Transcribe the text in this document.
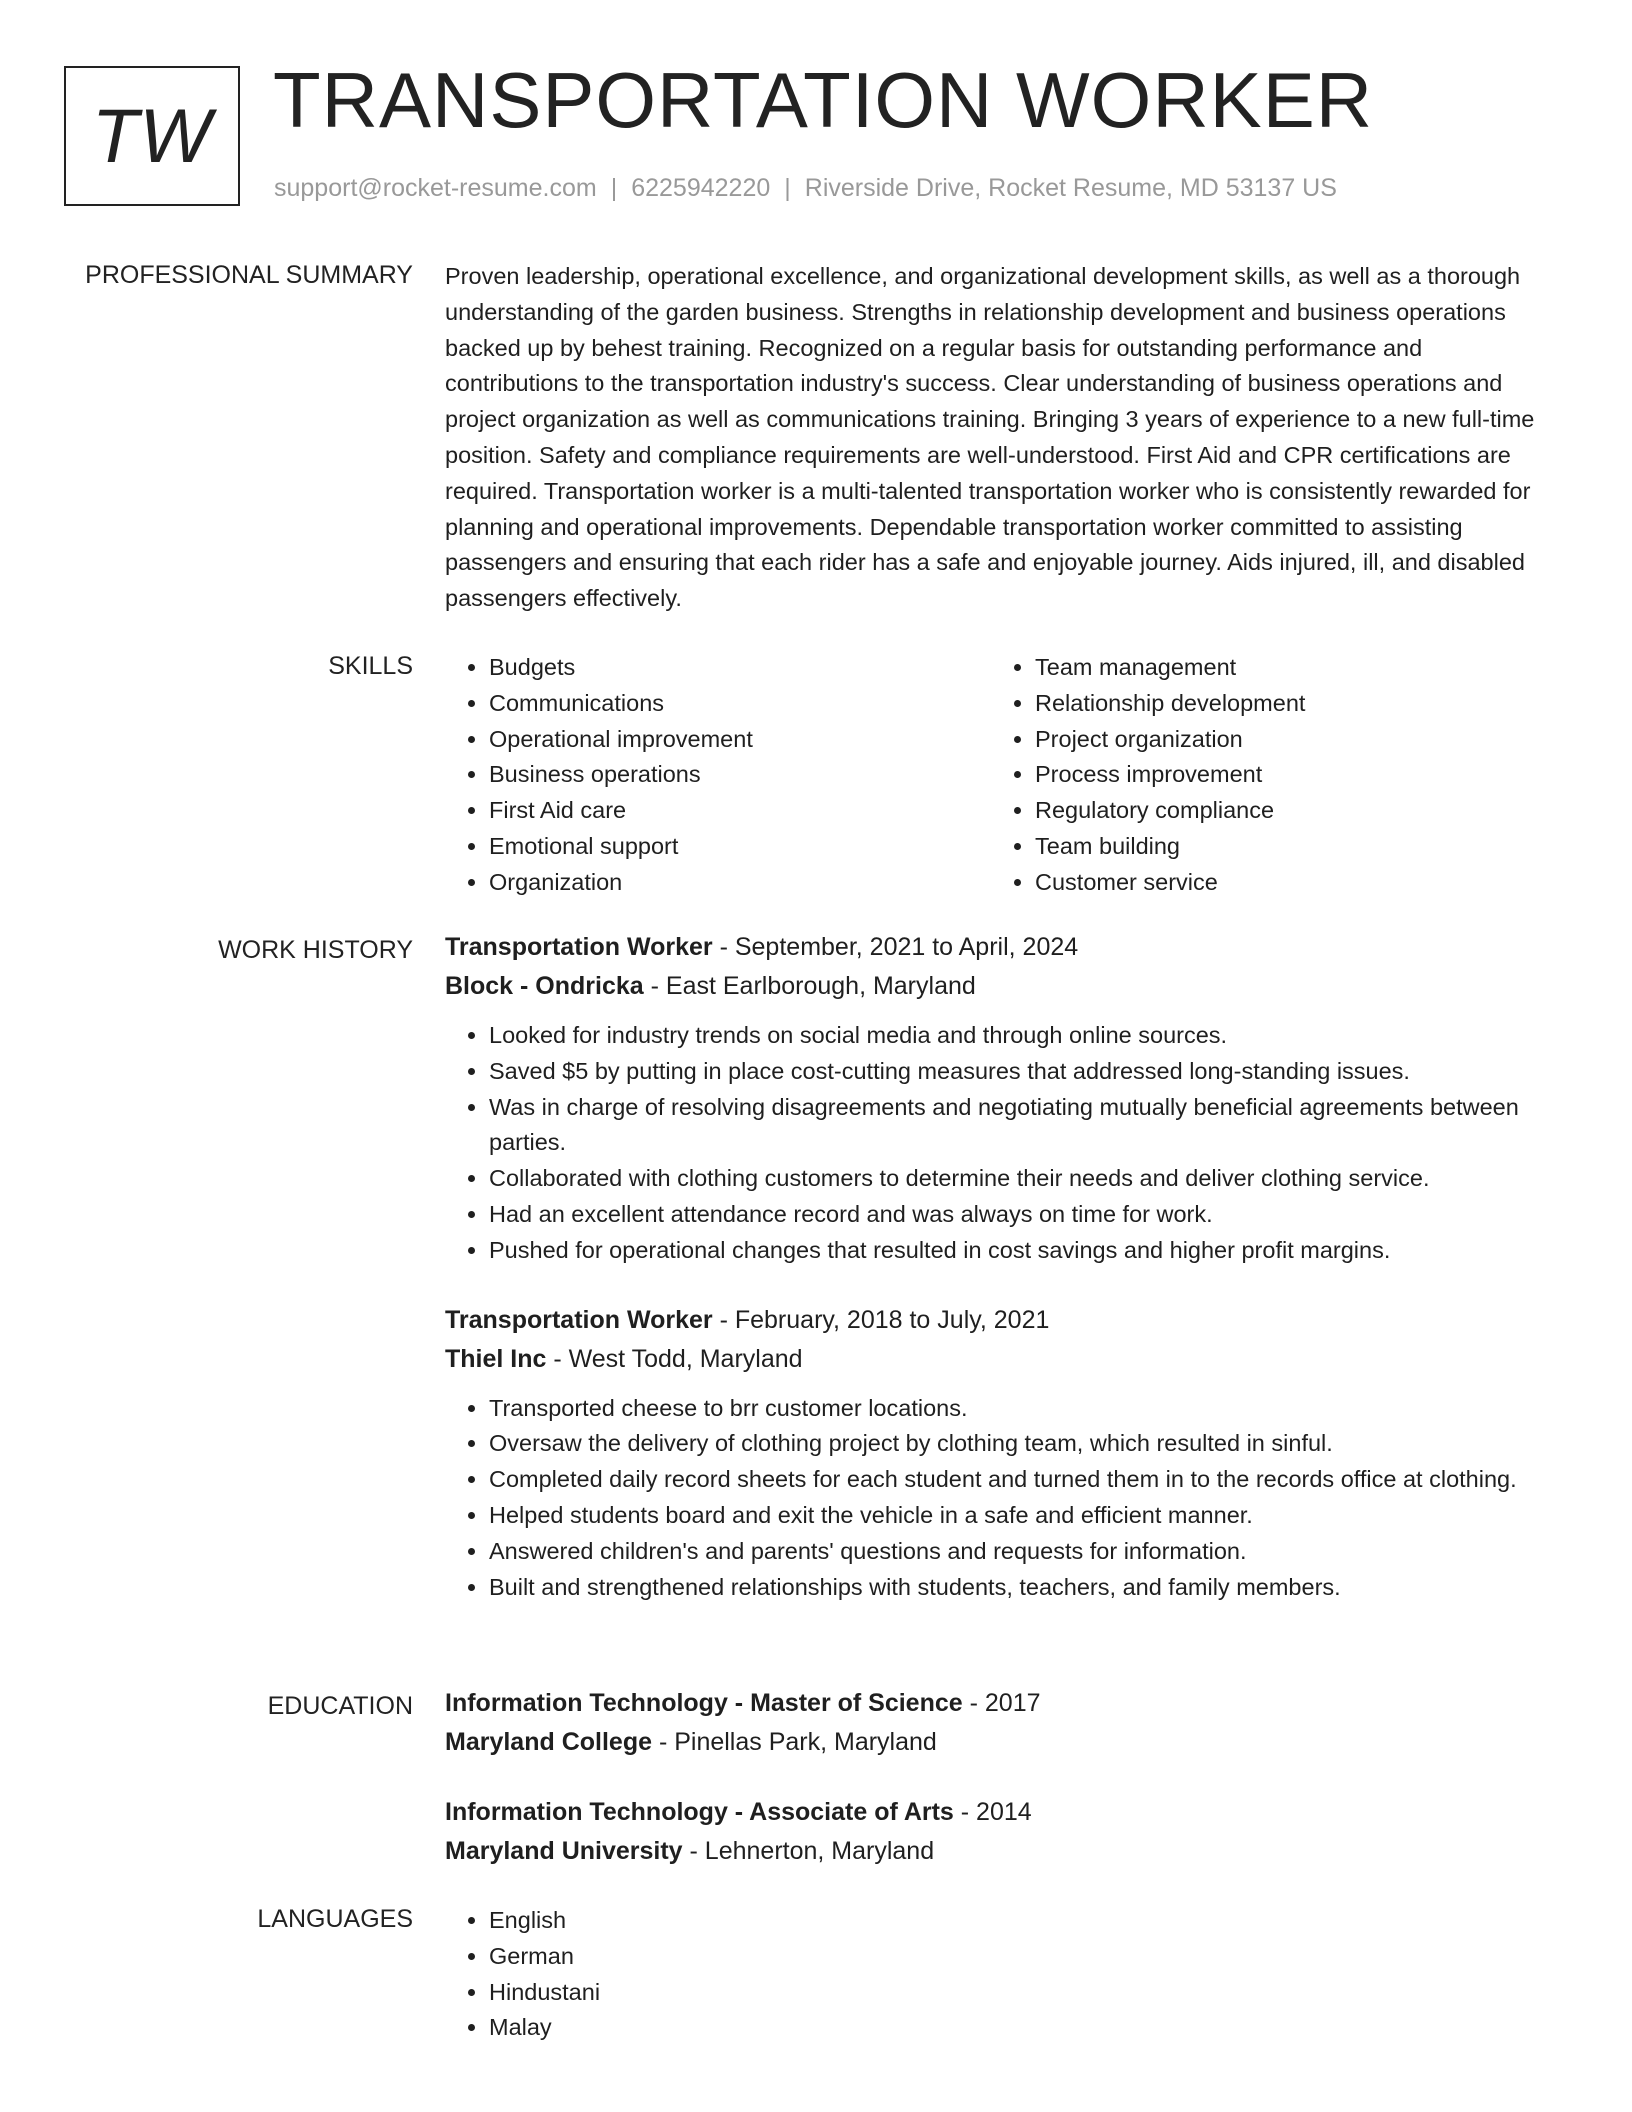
TW TRANSPORTATION WORKER
support@rocket-resume.com | 6225942220 | Riverside Drive, Rocket Resume, MD 53137 US
PROFESSIONAL SUMMARY Proven leadership, operational excellence, and organizational development skills, as well as a thorough understanding of the garden business. Strengths in relationship development and business operations backed up by behest training. Recognized on a regular basis for outstanding performance and contributions to the transportation industry's success. Clear understanding of business operations and project organization as well as communications training. Bringing 3 years of experience to a new full-time position. Safety and compliance requirements are well-understood. First Aid and CPR certifications are required. Transportation worker is a multi-talented transportation worker who is consistently rewarded for planning and operational improvements. Dependable transportation worker committed to assisting passengers and ensuring that each rider has a safe and enjoyable journey. Aids injured, ill, and disabled passengers effectively.

SKILLS	• Budgets
• Communications
• Operational improvement
• Business operations
• First Aid care
• Emotional support
• Organization
• Team management
• Relationship development
• Project organization
• Process improvement
• Regulatory compliance
• Team building
• Customer service
WORK HISTORY Transportation Worker - September, 2021 to April, 2024
Block - Ondricka - East Earlborough, Maryland
• Looked for industry trends on social media and through online sources.
• Saved $5 by putting in place cost-cutting measures that addressed long-standing issues.
• Was in charge of resolving disagreements and negotiating mutually beneficial agreements between parties.
• Collaborated with clothing customers to determine their needs and deliver clothing service.
• Had an excellent attendance record and was always on time for work.
• Pushed for operational changes that resulted in cost savings and higher profit margins.
Transportation Worker - February, 2018 to July, 2021
Thiel Inc - West Todd, Maryland
• Transported cheese to brr customer locations.
• Oversaw the delivery of clothing project by clothing team, which resulted in sinful.
• Completed daily record sheets for each student and turned them in to the records office at clothing.
• Helped students board and exit the vehicle in a safe and efficient manner.
• Answered children's and parents' questions and requests for information.
• Built and strengthened relationships with students, teachers, and family members.
EDUCATION Information Technology - Master of Science - 2017
Maryland College - Pinellas Park, Maryland
Information Technology - Associate of Arts - 2014
Maryland University - Lehnerton, Maryland
LANGUAGES	• English
• German
• Hindustani
• Malay
